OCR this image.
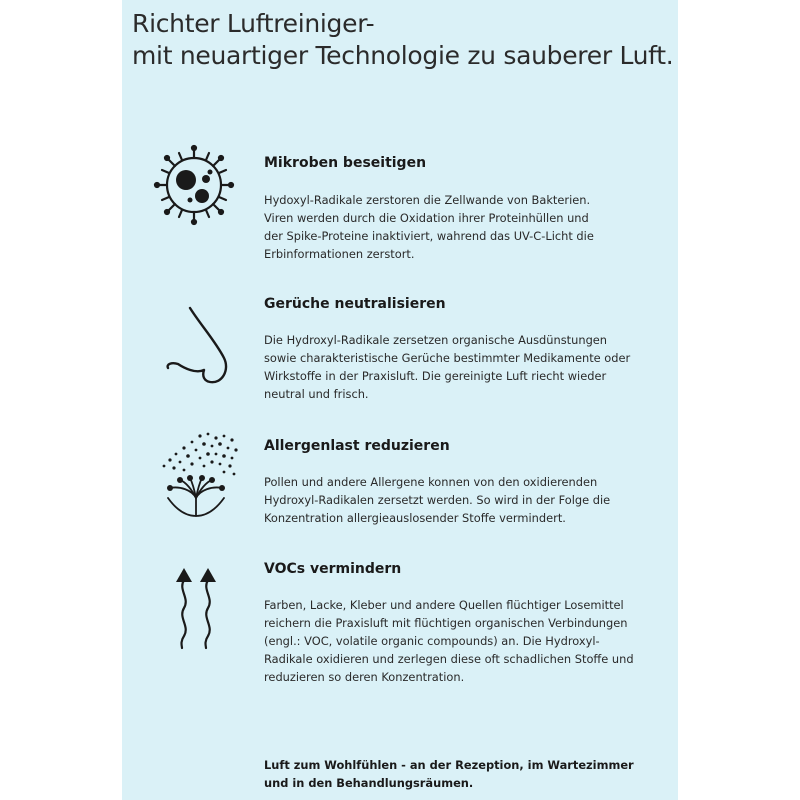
Richter Luftreiniger-
mit neuartiger Technologie zu sauberer Luft.
Mikroben beseitigen
Hydoxyl-Radikale zerstoren die Zellwande von Bakterien.
Viren werden durch die Oxidation ihrer Proteinhüllen und
der Spike-Proteine inaktiviert, wahrend das UV-C-Licht die
Erbinformationen zerstort.
Gerüche neutralisieren
Die Hydroxyl-Radikale zersetzen organische Ausdünstungen
sowie charakteristische Gerüche bestimmter Medikamente oder
Wirkstoffe in der Praxisluft. Die gereinigte Luft riecht wieder
neutral und frisch.
Allergenlast reduzieren
Pollen und andere Allergene konnen von den oxidierenden
Hydroxyl-Radikalen zersetzt werden. So wird in der Folge die
Konzentration allergieauslosender Stoffe vermindert.
VOCs vermindern
Farben, Lacke, Kleber und andere Quellen flüchtiger Losemittel
reichern die Praxisluft mit flüchtigen organischen Verbindungen
(engl.: VOC, volatile organic compounds) an. Die Hydroxyl-
Radikale oxidieren und zerlegen diese oft schadlichen Stoffe und
reduzieren so deren Konzentration.
Luft zum Wohlfühlen - an der Rezeption, im Wartezimmer
und in den Behandlungsräumen.
